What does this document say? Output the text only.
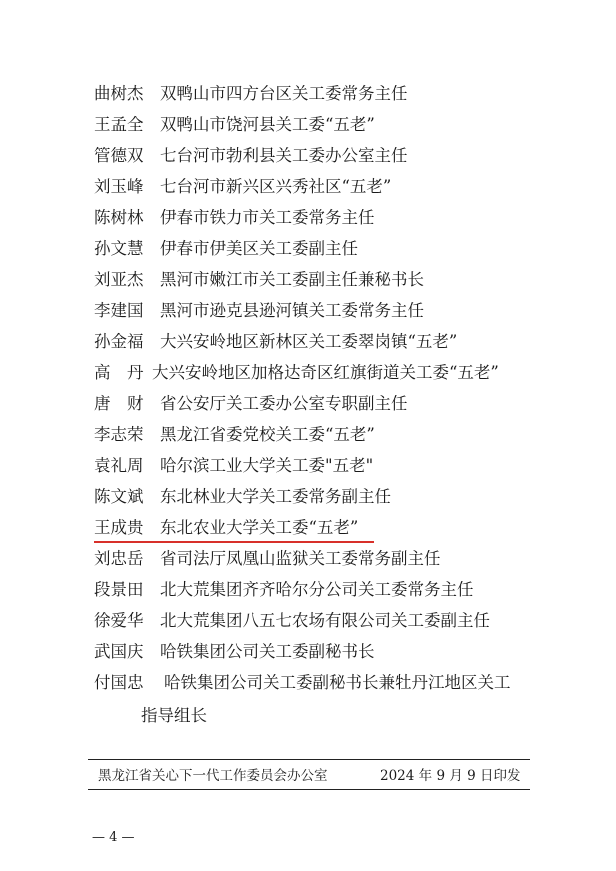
曲树杰	双鸭山市四方台区关工委常务主任
王孟全	双鸭山市饶河县关工委“五老”
管德双	七台河市勃利县关工委办公室主任
刘玉峰	七台河市新兴区兴秀社区“五老”
陈树林	伊春市铁力市关工委常务主任
孙文慧	伊春市伊美区关工委副主任
刘亚杰	黑河市嫩江市关工委副主任兼秘书长
李建国	黑河市逊克县逊河镇关工委常务主任
孙金福	大兴安岭地区新林区关工委翠岗镇“五老”
高　丹 大兴安岭地区加格达奇区红旗街道关工委“五老”
唐　财	省公安厅关工委办公室专职副主任
李志荣	黑龙江省委党校关工委“五老”
袁礼周	哈尔滨工业大学关工委"五老"
陈文斌	东北林业大学关工委常务副主任
王成贵	东北农业大学关工委“五老”
刘忠岳	省司法厅凤凰山监狱关工委常务副主任
段景田	北大荒集团齐齐哈尔分公司关工委常务主任
徐爱华	北大荒集团八五七农场有限公司关工委副主任
武国庆	哈铁集团公司关工委副秘书长
付国忠	哈铁集团公司关工委副秘书长兼牡丹江地区关工
指导组长
黑龙江省关心下一代工作委员会办公室	2024 年 9 月 9 日印发
— 4 —
